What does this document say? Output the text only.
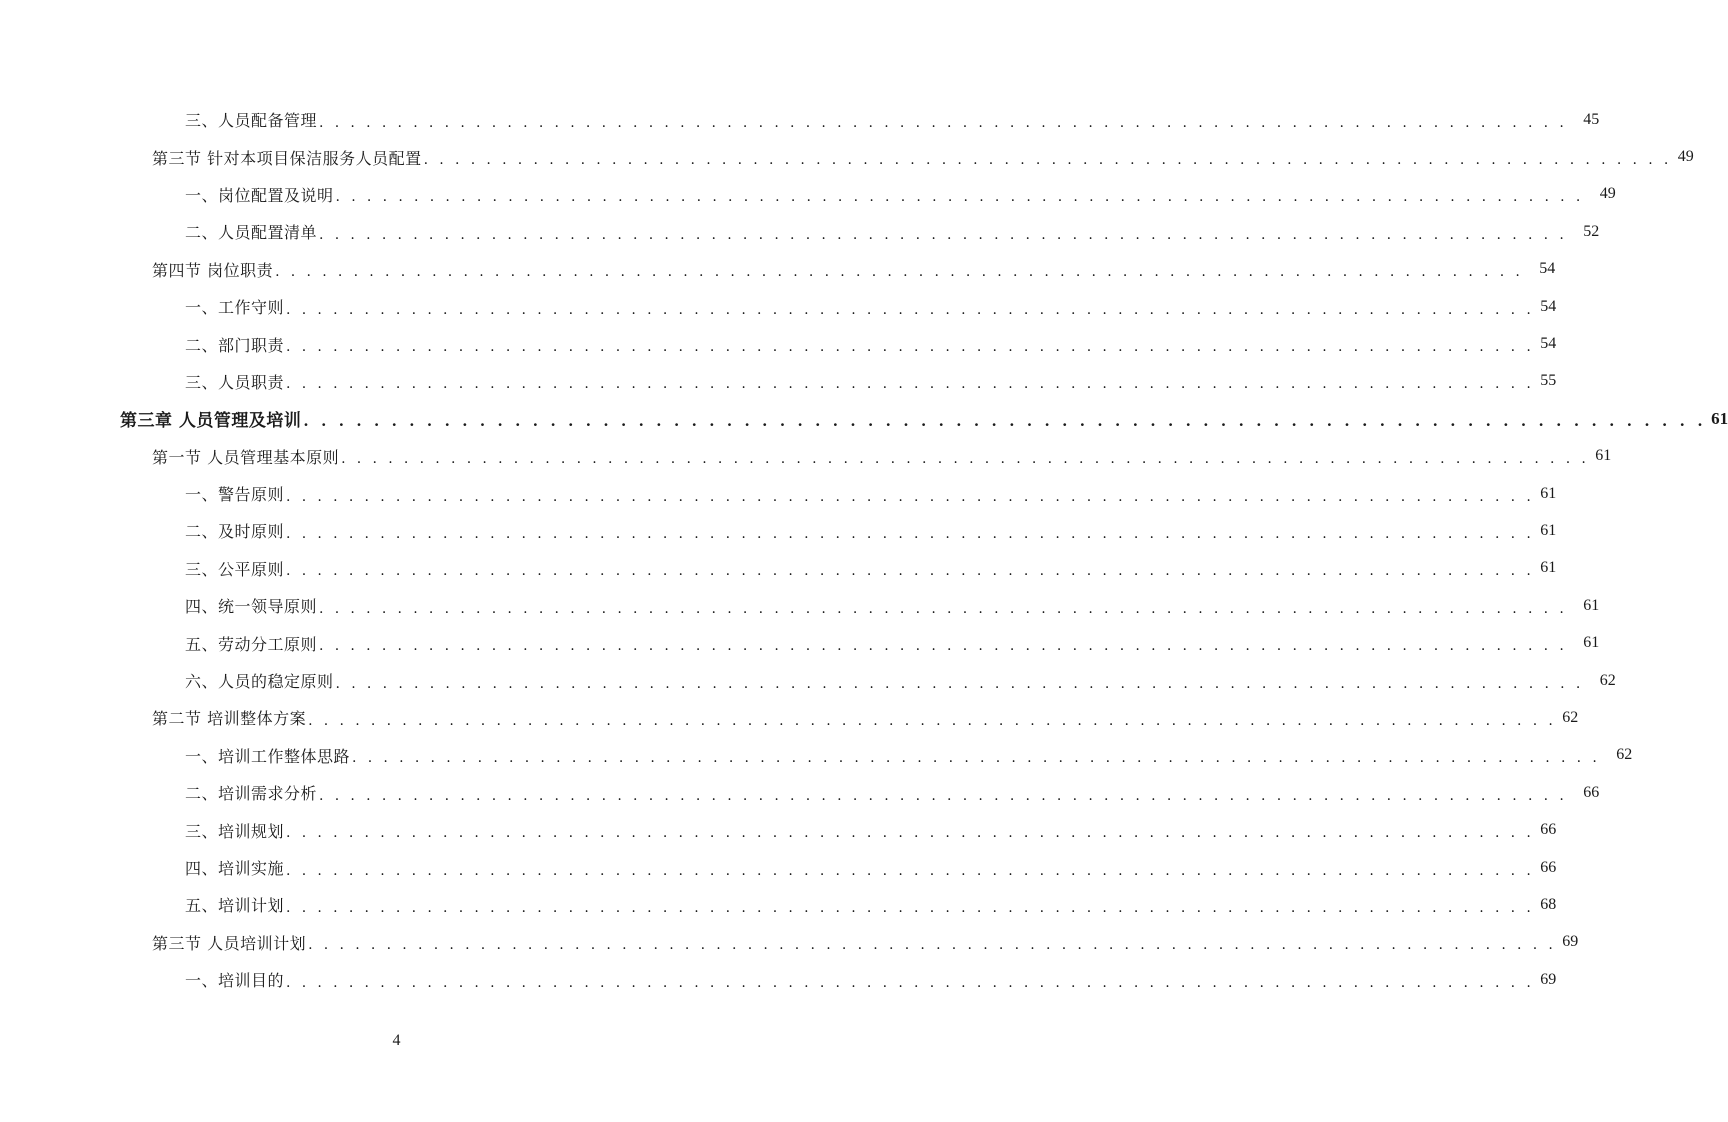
三、人员配备管理 . . . . . . . . . . . . . . . . . . . . . . . . . . . . . . . . . . . . . . . . . . . . . . . . . . . . . . . . . . . . . . . . . . . . . . . . . . . . . . . . 45
第三节 针对本项目保洁服务人员配置 . . . . . . . . . . . . . . . . . . . . . . . . . . . . . . . . . . . . . . . . . . . . . . . . . . . . . . . . . . . . . . . . . . . . . . . . . . . . . . . . 49
一、岗位配置及说明 . . . . . . . . . . . . . . . . . . . . . . . . . . . . . . . . . . . . . . . . . . . . . . . . . . . . . . . . . . . . . . . . . . . . . . . . . . . . . . . . 49
二、人员配置清单 . . . . . . . . . . . . . . . . . . . . . . . . . . . . . . . . . . . . . . . . . . . . . . . . . . . . . . . . . . . . . . . . . . . . . . . . . . . . . . . . 52
第四节 岗位职责 . . . . . . . . . . . . . . . . . . . . . . . . . . . . . . . . . . . . . . . . . . . . . . . . . . . . . . . . . . . . . . . . . . . . . . . . . . . . . . . . 54
一、工作守则 . . . . . . . . . . . . . . . . . . . . . . . . . . . . . . . . . . . . . . . . . . . . . . . . . . . . . . . . . . . . . . . . . . . . . . . . . . . . . . . . 54
二、部门职责 . . . . . . . . . . . . . . . . . . . . . . . . . . . . . . . . . . . . . . . . . . . . . . . . . . . . . . . . . . . . . . . . . . . . . . . . . . . . . . . . 54
三、人员职责 . . . . . . . . . . . . . . . . . . . . . . . . . . . . . . . . . . . . . . . . . . . . . . . . . . . . . . . . . . . . . . . . . . . . . . . . . . . . . . . . 55
第三章 人员管理及培训 . . . . . . . . . . . . . . . . . . . . . . . . . . . . . . . . . . . . . . . . . . . . . . . . . . . . . . . . . . . . . . . . . . . . . . . . . . . . . . . . 61
第一节 人员管理基本原则 . . . . . . . . . . . . . . . . . . . . . . . . . . . . . . . . . . . . . . . . . . . . . . . . . . . . . . . . . . . . . . . . . . . . . . . . . . . . . . . . 61
一、警告原则 . . . . . . . . . . . . . . . . . . . . . . . . . . . . . . . . . . . . . . . . . . . . . . . . . . . . . . . . . . . . . . . . . . . . . . . . . . . . . . . . 61
二、及时原则 . . . . . . . . . . . . . . . . . . . . . . . . . . . . . . . . . . . . . . . . . . . . . . . . . . . . . . . . . . . . . . . . . . . . . . . . . . . . . . . . 61
三、公平原则 . . . . . . . . . . . . . . . . . . . . . . . . . . . . . . . . . . . . . . . . . . . . . . . . . . . . . . . . . . . . . . . . . . . . . . . . . . . . . . . . 61
四、统一领导原则 . . . . . . . . . . . . . . . . . . . . . . . . . . . . . . . . . . . . . . . . . . . . . . . . . . . . . . . . . . . . . . . . . . . . . . . . . . . . . . . . 61
五、劳动分工原则 . . . . . . . . . . . . . . . . . . . . . . . . . . . . . . . . . . . . . . . . . . . . . . . . . . . . . . . . . . . . . . . . . . . . . . . . . . . . . . . . 61
六、人员的稳定原则 . . . . . . . . . . . . . . . . . . . . . . . . . . . . . . . . . . . . . . . . . . . . . . . . . . . . . . . . . . . . . . . . . . . . . . . . . . . . . . . . 62
第二节 培训整体方案 . . . . . . . . . . . . . . . . . . . . . . . . . . . . . . . . . . . . . . . . . . . . . . . . . . . . . . . . . . . . . . . . . . . . . . . . . . . . . . . . 62
一、培训工作整体思路 . . . . . . . . . . . . . . . . . . . . . . . . . . . . . . . . . . . . . . . . . . . . . . . . . . . . . . . . . . . . . . . . . . . . . . . . . . . . . . . . 62
二、培训需求分析 . . . . . . . . . . . . . . . . . . . . . . . . . . . . . . . . . . . . . . . . . . . . . . . . . . . . . . . . . . . . . . . . . . . . . . . . . . . . . . . . 66
三、培训规划 . . . . . . . . . . . . . . . . . . . . . . . . . . . . . . . . . . . . . . . . . . . . . . . . . . . . . . . . . . . . . . . . . . . . . . . . . . . . . . . . 66
四、培训实施 . . . . . . . . . . . . . . . . . . . . . . . . . . . . . . . . . . . . . . . . . . . . . . . . . . . . . . . . . . . . . . . . . . . . . . . . . . . . . . . . 66
五、培训计划 . . . . . . . . . . . . . . . . . . . . . . . . . . . . . . . . . . . . . . . . . . . . . . . . . . . . . . . . . . . . . . . . . . . . . . . . . . . . . . . . 68
第三节 人员培训计划 . . . . . . . . . . . . . . . . . . . . . . . . . . . . . . . . . . . . . . . . . . . . . . . . . . . . . . . . . . . . . . . . . . . . . . . . . . . . . . . . 69
一、培训目的 . . . . . . . . . . . . . . . . . . . . . . . . . . . . . . . . . . . . . . . . . . . . . . . . . . . . . . . . . . . . . . . . . . . . . . . . . . . . . . . . 69
4
